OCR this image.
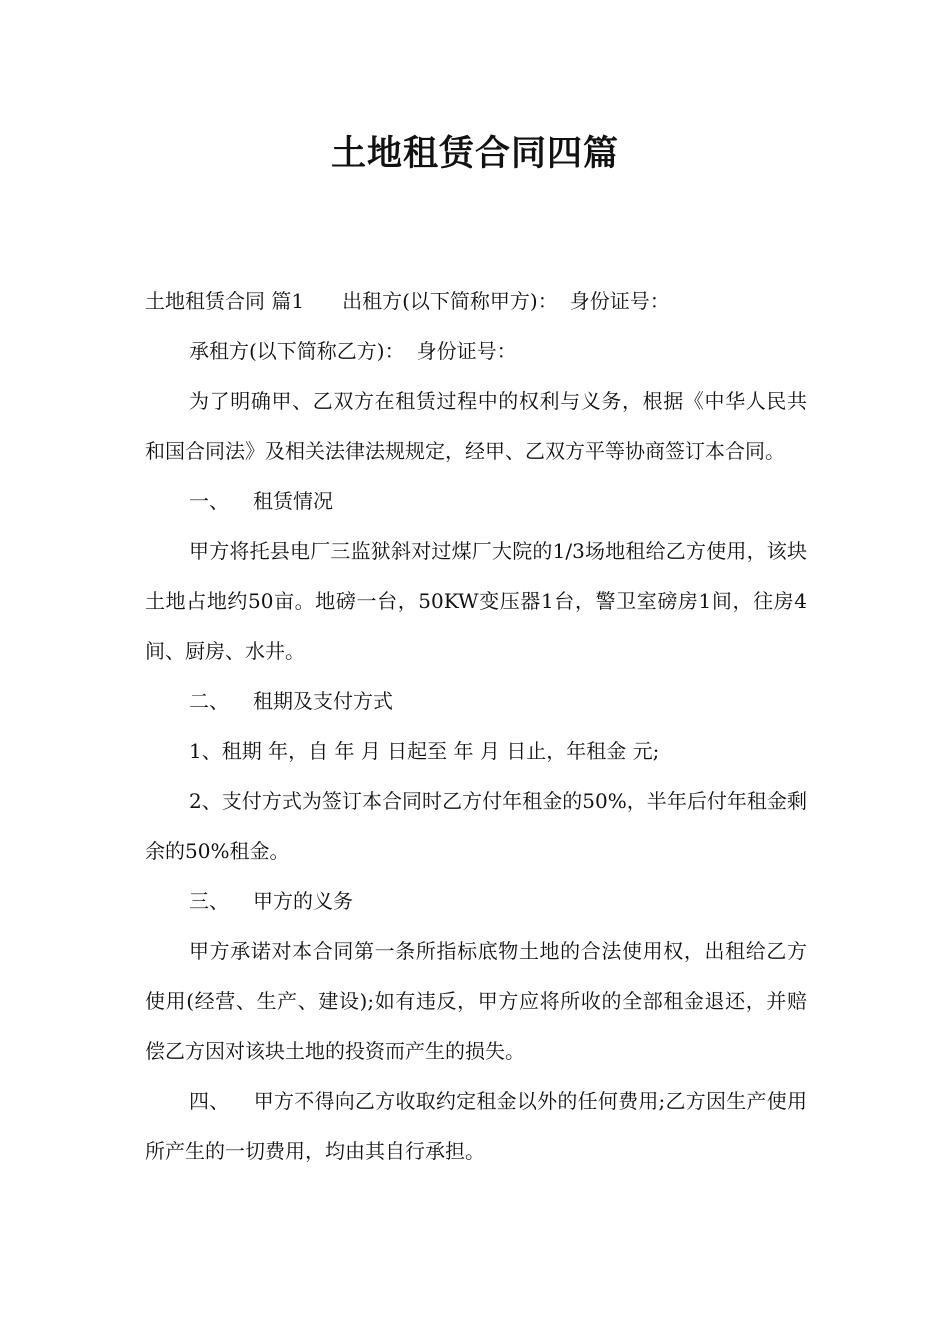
土地租赁合同四篇

土地租赁合同 篇1 出租方(以下简称甲方)： 身份证号：

承租方(以下简称乙方)： 身份证号：

为了明确甲、乙双方在租赁过程中的权利与义务，根据《中华人民共和国合同法》及相关法律法规规定，经甲、乙双方平等协商签订本合同。

一、 租赁情况

甲方将托县电厂三监狱斜对过煤厂大院的1/3场地租给乙方使用，该块土地占地约50亩。地磅一台，50KW变压器1台，警卫室磅房1间，往房4间、厨房、水井。

二、 租期及支付方式

1、租期 年，自 年 月 日起至 年 月 日止，年租金 元;

2、支付方式为签订本合同时乙方付年租金的50%，半年后付年租金剩余的50%租金。

三、 甲方的义务

甲方承诺对本合同第一条所指标底物土地的合法使用权，出租给乙方使用(经营、生产、建设);如有违反，甲方应将所收的全部租金退还，并赔偿乙方因对该块土地的投资而产生的损失。

四、 甲方不得向乙方收取约定租金以外的任何费用;乙方因生产使用所产生的一切费用，均由其自行承担。
